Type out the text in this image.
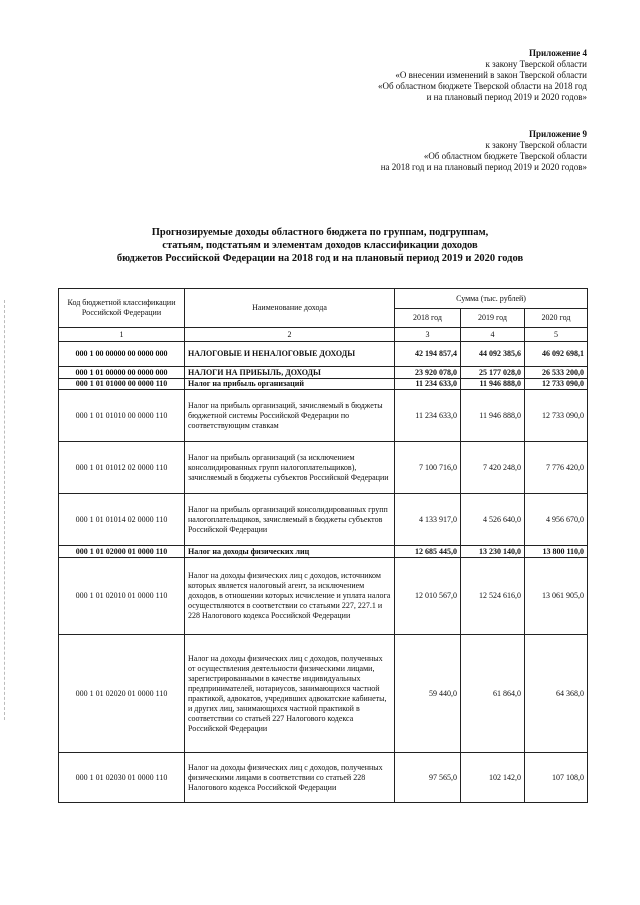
Приложение 4
к закону Тверской области
«О внесении изменений в закон Тверской области
«Об областном бюджете Тверской области на 2018 год
и на плановый период 2019 и 2020 годов»
Приложение 9
к закону Тверской области
«Об областном бюджете Тверской области
на 2018 год и на плановый период 2019 и 2020 годов»
Прогнозируемые доходы областного бюджета по группам, подгруппам,
статьям, подстатьям и элементам доходов классификации доходов
бюджетов Российской Федерации на 2018 год и на плановый период 2019 и 2020 годов
Код бюджетной классификации Российской Федерации	Наименование дохода	Сумма (тыс. рублей)		
		2018 год	2019 год	2020 год
1	2	3	4	5
000 1 00 00000 00 0000 000	НАЛОГОВЫЕ И НЕНАЛОГОВЫЕ ДОХОДЫ	42 194 857,4	44 092 385,6	46 092 698,1
000 1 01 00000 00 0000 000	НАЛОГИ НА ПРИБЫЛЬ, ДОХОДЫ	23 920 078,0	25 177 028,0	26 533 200,0
000 1 01 01000 00 0000 110	Налог на прибыль организаций	11 234 633,0	11 946 888,0	12 733 090,0
000 1 01 01010 00 0000 110	Налог на прибыль организаций, зачисляемый в бюджеты бюджетной системы Российской Федерации по соответствующим ставкам	11 234 633,0	11 946 888,0	12 733 090,0
000 1 01 01012 02 0000 110	Налог на прибыль организаций (за исключением консолидированных групп налогоплательщиков), зачисляемый в бюджеты субъектов Российской Федерации	7 100 716,0	7 420 248,0	7 776 420,0
000 1 01 01014 02 0000 110	Налог на прибыль организаций консолидированных групп налогоплательщиков, зачисляемый в бюджеты субъектов Российской Федерации	4 133 917,0	4 526 640,0	4 956 670,0
000 1 01 02000 01 0000 110	Налог на доходы физических лиц	12 685 445,0	13 230 140,0	13 800 110,0
000 1 01 02010 01 0000 110	Налог на доходы физических лиц с доходов, источником которых является налоговый агент, за исключением доходов, в отношении которых исчисление и уплата налога осуществляются в соответствии со статьями 227, 227.1 и 228 Налогового кодекса Российской Федерации	12 010 567,0	12 524 616,0	13 061 905,0
000 1 01 02020 01 0000 110	Налог на доходы физических лиц с доходов, полученных от осуществления деятельности физическими лицами, зарегистрированными в качестве индивидуальных предпринимателей, нотариусов, занимающихся частной практикой, адвокатов, учредивших адвокатские кабинеты, и других лиц, занимающихся частной практикой в соответствии со статьей 227 Налогового кодекса Российской Федерации	59 440,0	61 864,0	64 368,0
000 1 01 02030 01 0000 110	Налог на доходы физических лиц с доходов, полученных физическими лицами в соответствии со статьей 228 Налогового кодекса Российской Федерации	97 565,0	102 142,0	107 108,0
